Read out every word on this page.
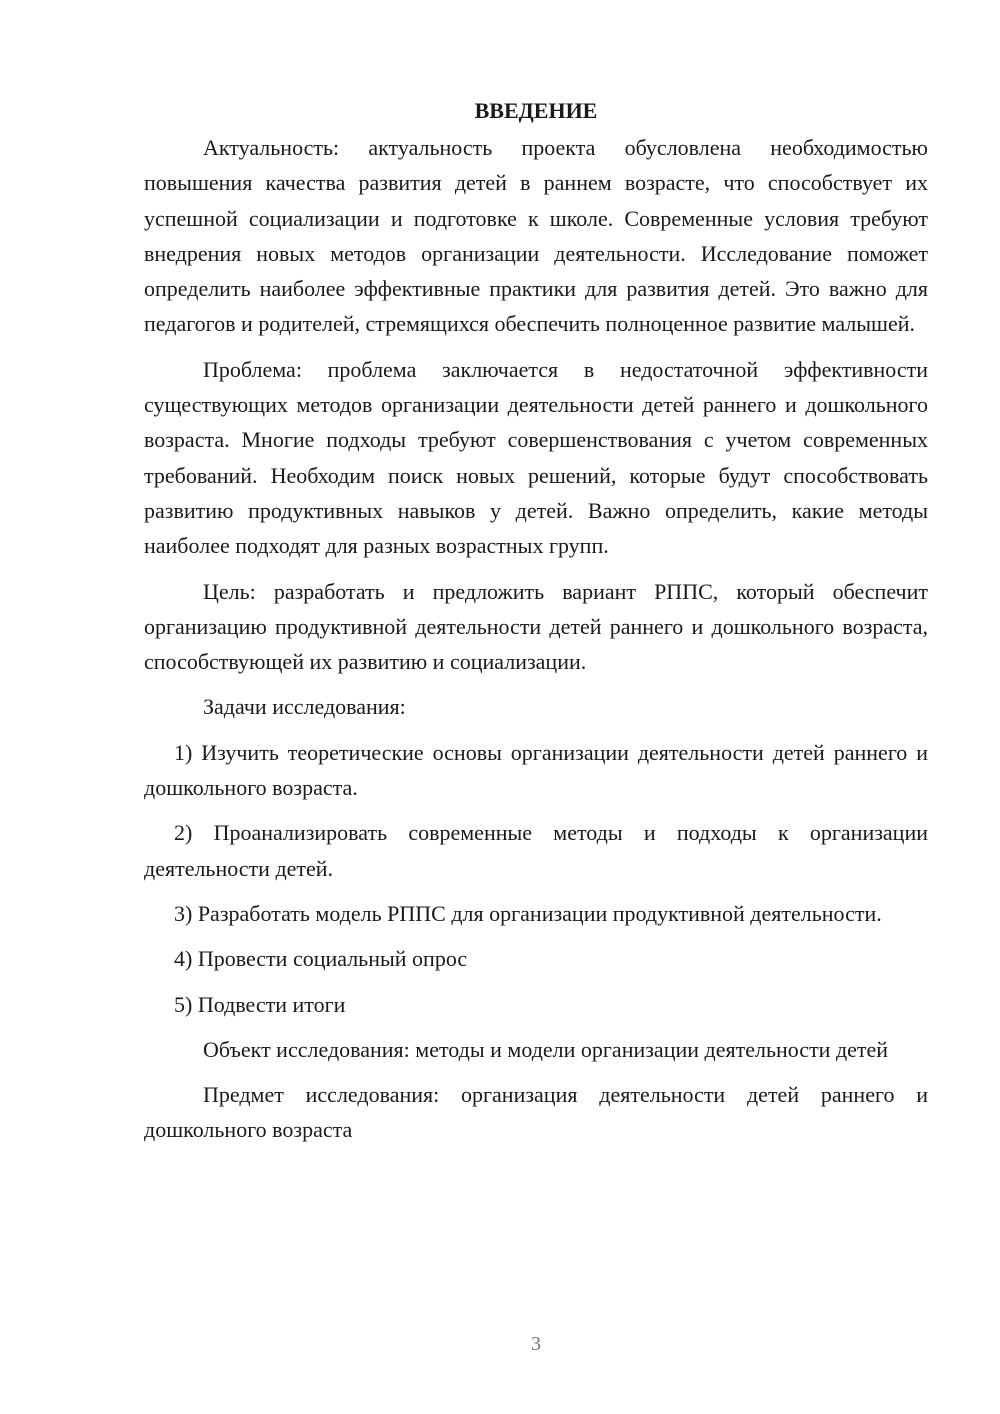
ВВЕДЕНИЕ

Актуальность: актуальность проекта обусловлена необходимостью повышения качества развития детей в раннем возрасте, что способствует их успешной социализации и подготовке к школе. Современные условия требуют внедрения новых методов организации деятельности. Исследование поможет определить наиболее эффективные практики для развития детей. Это важно для педагогов и родителей, стремящихся обеспечить полноценное развитие малышей.

Проблема: проблема заключается в недостаточной эффективности существующих методов организации деятельности детей раннего и дошкольного возраста. Многие подходы требуют совершенствования с учетом современных требований. Необходим поиск новых решений, которые будут способствовать развитию продуктивных навыков у детей. Важно определить, какие методы наиболее подходят для разных возрастных групп.

Цель: разработать и предложить вариант РППС, который обеспечит организацию продуктивной деятельности детей раннего и дошкольного возраста, способствующей их развитию и социализации.

Задачи исследования:

1) Изучить теоретические основы организации деятельности детей раннего и дошкольного возраста.

2) Проанализировать современные методы и подходы к организации деятельности детей.

3) Разработать модель РППС для организации продуктивной деятельности.

4) Провести социальный опрос

5) Подвести итоги

Объект исследования: методы и модели организации деятельности детей

Предмет исследования: организация деятельности детей раннего и дошкольного возраста

3
